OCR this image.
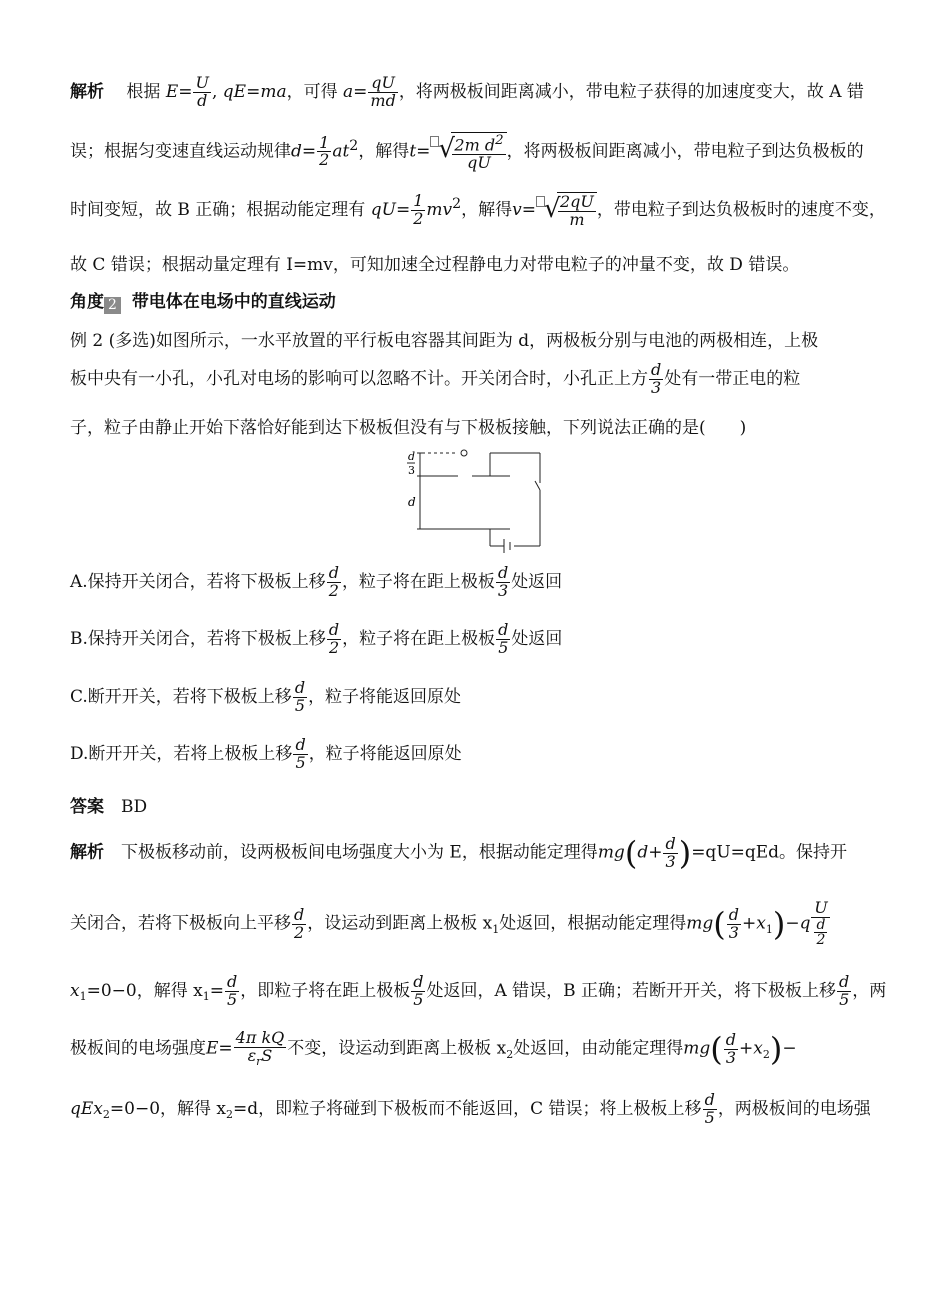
解析  根据 $E= \frac{U}{d}$ , qE=ma，可得 $a= \frac{qU}{md}$ ，将两极板间距离减小，带电粒子获得的加速度变大，故 A 错
误；根据匀变速直线运动规律$d= \frac{1}{2} at^2$，解得t= √ $\frac{2m d^2}{qU}$ ，将两极板间距离减小，带电粒子到达负极板的
时间变短，故 B 正确；根据动能定理有 $qU= \frac{1}{2} mv^2$，解得v= √ $\frac{2qU}{m}$ ，带电粒子到达负极板时的速度不变，
故 C 错误；根据动量定理有 I=mv，可知加速全过程静电力对带电粒子的冲量不变，故 D 错误。
角度 2 带电体在电场中的直线运动
例 2 (多选)如图所示，一水平放置的平行板电容器其间距为 d，两极板分别与电池的两极相连，上极
板中央有一小孔，小孔对电场的影响可以忽略不计。开关闭合时，小孔正上方 $\frac{d}{3}$ 处有一带正电的粒
子，粒子由静止开始下落恰好能到达下极板但没有与下极板接触，下列说法正确的是(　　)
d
3
d
A.保持开关闭合，若将下极板上移 $\frac{d}{2}$ ，粒子将在距上极板 $\frac{d}{3}$ 处返回
B.保持开关闭合，若将下极板上移 $\frac{d}{2}$ ，粒子将在距上极板 $\frac{d}{5}$ 处返回
C.断开开关，若将下极板上移 $\frac{d}{5}$ ，粒子将能返回原处
D.断开开关，若将上极板上移 $\frac{d}{5}$ ，粒子将能返回原处
答案  BD
解析  下极板移动前，设两极板间电场强度大小为 E，根据动能定理得$mg(d+ \frac{d}{3} )=qU=qEd$。保持开
关闭合，若将下极板向上平移 $\frac{d}{2}$ ，设运动到距离上极板 $x_1$处返回，根据动能定理得$mg( \frac{d}{3} +x_1)-q \frac{U}{\frac{d}{2}}$
$x_1=0-0$，解得 $x_1= \frac{d}{5}$ ，即粒子将在距上极板 $\frac{d}{5}$ 处返回，A 错误，B 正确；若断开开关，将下极板上移 $\frac{d}{5}$ ，两
极板间的电场强度E=
4π kQ
$\varepsilon_rS$ 不变，设运动到距离上极板 $x_2$处返回，由动能定理得$mg( \frac{d}{3} +x_2)-$
qEx$_2$=0−0，解得 $x_2=d$，即粒子将碰到下极板而不能返回，C 错误；将上极板上移 $\frac{d}{5}$ ，两极板间的电场强
